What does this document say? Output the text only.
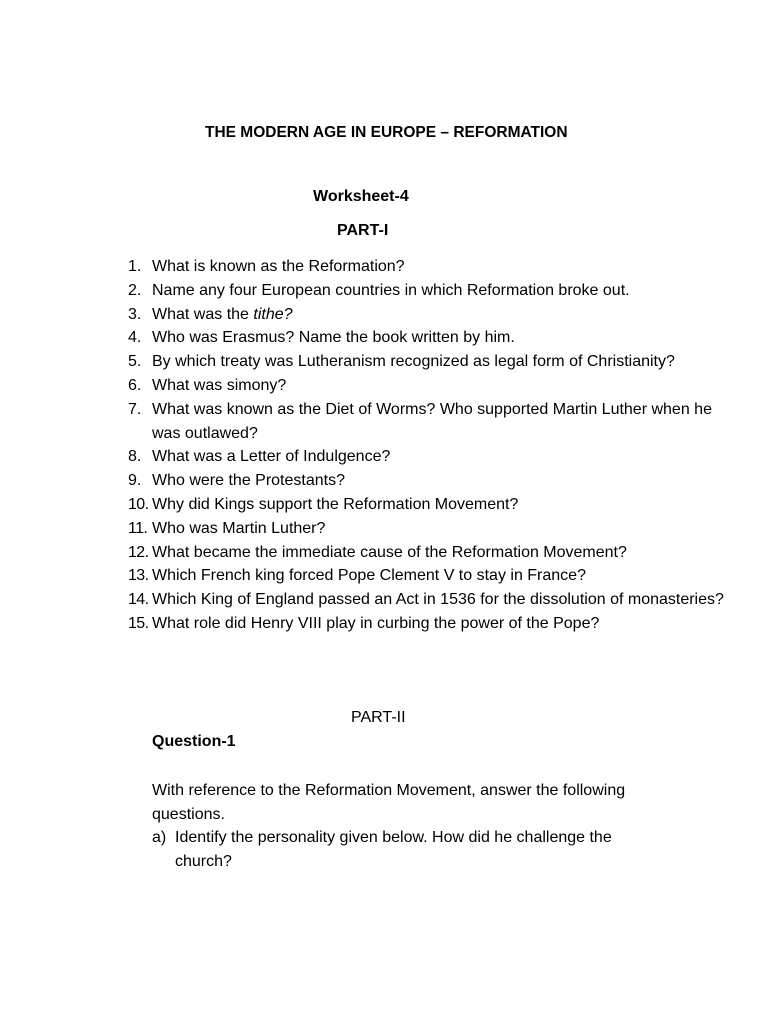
THE MODERN AGE IN EUROPE – REFORMATION
Worksheet-4
PART-I
1. What is known as the Reformation?
2. Name any four European countries in which Reformation broke out.
3. What was the tithe?
4. Who was Erasmus? Name the book written by him.
5. By which treaty was Lutheranism recognized as legal form of Christianity?
6. What was simony?
7. What was known as the Diet of Worms? Who supported Martin Luther when he was outlawed?
8. What was a Letter of Indulgence?
9. Who were the Protestants?
10. Why did Kings support the Reformation Movement?
11. Who was Martin Luther?
12. What became the immediate cause of the Reformation Movement?
13. Which French king forced Pope Clement V to stay in France?
14. Which King of England passed an Act in 1536 for the dissolution of monasteries?
15. What role did Henry VIII play in curbing the power of the Pope?
PART-II
Question-1
With reference to the Reformation Movement, answer the following questions.
a) Identify the personality given below. How did he challenge the church?
